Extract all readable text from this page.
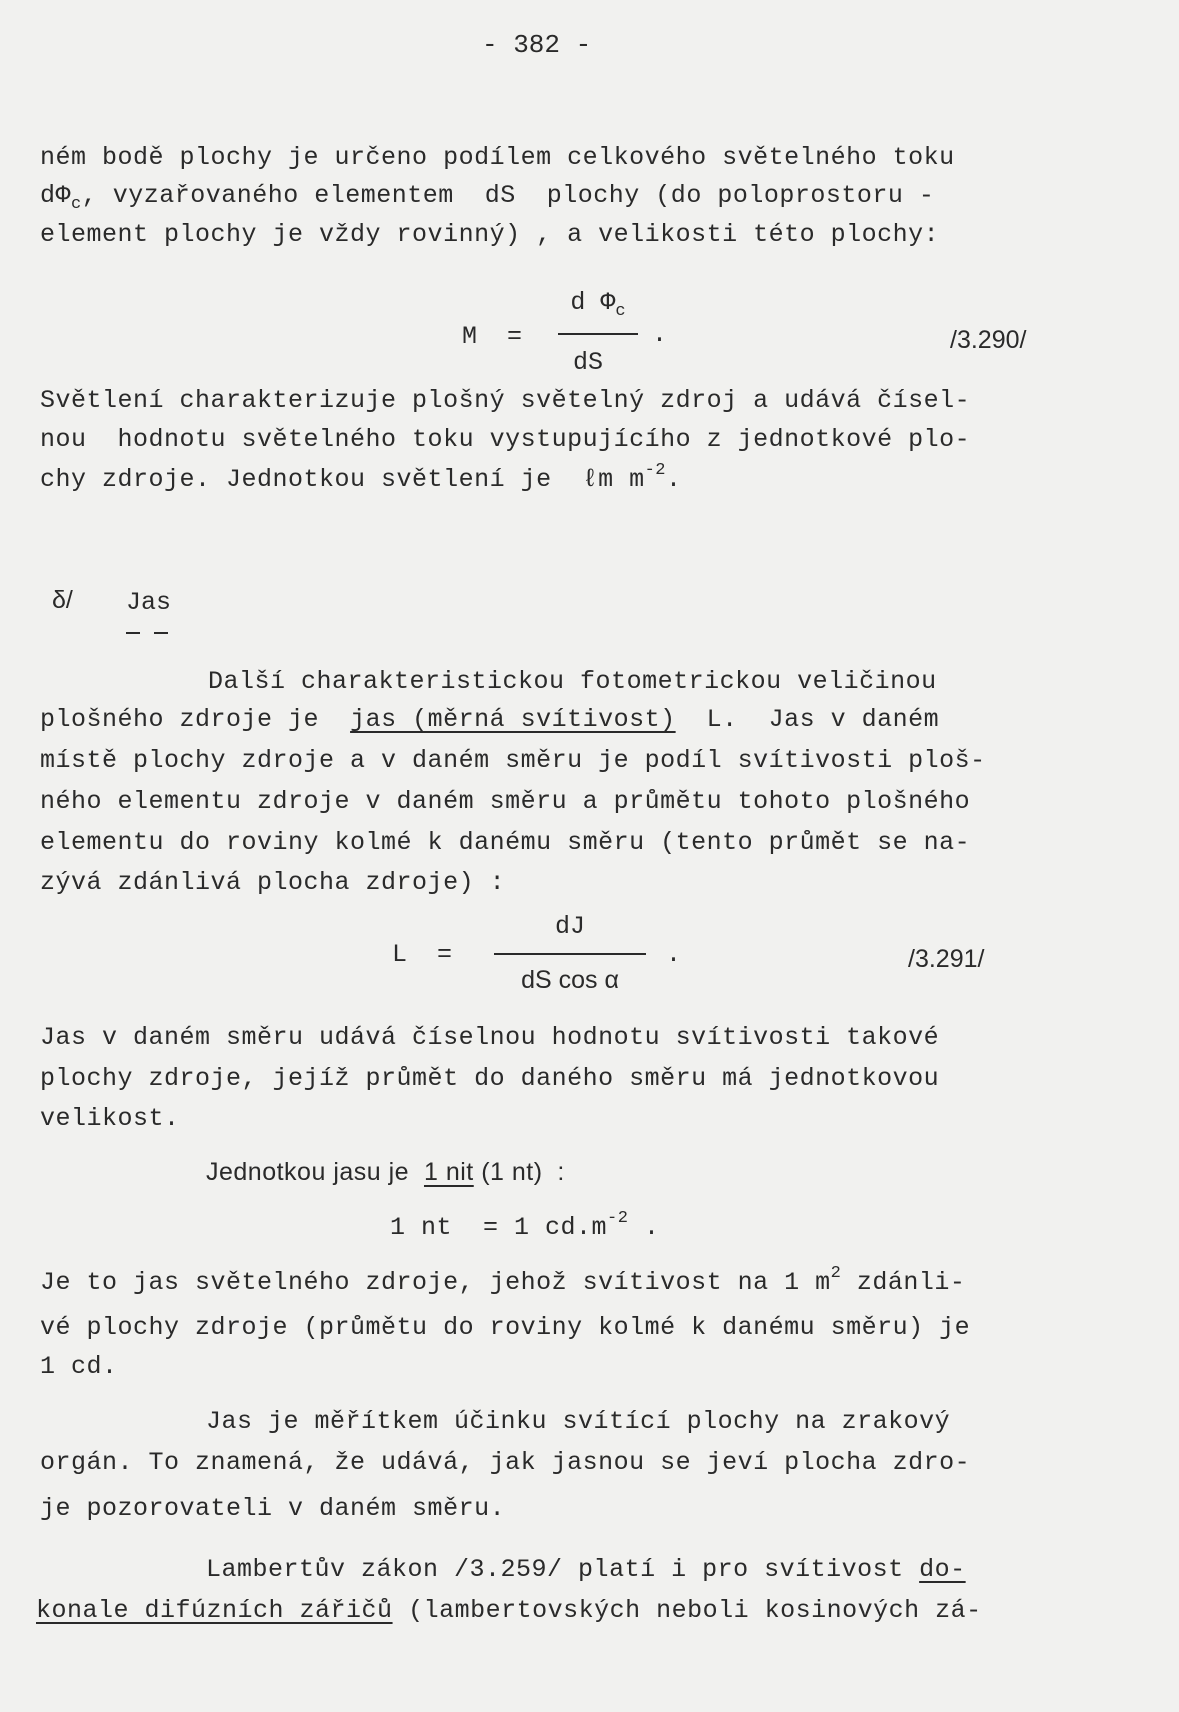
- 382 -
ném bodě plochy je určeno podílem celkového světelného toku
$d\Phi_c$, vyzařovaného elementem  dS  plochy (do poloprostoru -
element plochy je vždy rovinný) , a velikosti této plochy:
M  =
d $\Phi_c$
dS
.	/3.290/
Světlení charakterizuje plošný světelný zdroj a udává čísel-
nou  hodnotu světelného toku vystupujícího z jednotkové plo-
chy zdroje. Jednotkou světlení je  ℓm $m^{-2}$.
δ/ Jas
Další charakteristickou fotometrickou veličinou
plošného zdroje je  jas (měrná svítivost)  L.  Jas v daném
místě plochy zdroje a v daném směru je podíl svítivosti ploš-
ného elementu zdroje v daném směru a průmětu tohoto plošného
elementu do roviny kolmé k danému směru (tento průmět se na-
zývá zdánlivá plocha zdroje) :
L  =
dJ
dS cos α
.	/3.291/
Jas v daném směru udává číselnou hodnotu svítivosti takové
plochy zdroje, jejíž průmět do daného směru má jednotkovou
velikost.
Jednotkou jasu je  1 nit (1 nt)  :
1 nt  = 1 $cd.m^{-2}$ .
Je to jas světelného zdroje, jehož svítivost na 1 $m^2$ zdánli-
vé plochy zdroje (průmětu do roviny kolmé k danému směru) je
1 cd.
Jas je měřítkem účinku svítící plochy na zrakový
orgán. To znamená, že udává, jak jasnou se jeví plocha zdro-
je pozorovateli v daném směru.
Lambertův zákon /3.259/ platí i pro svítivost do-
konale difúzních zářičů (lambertovských neboli kosinových zá-
